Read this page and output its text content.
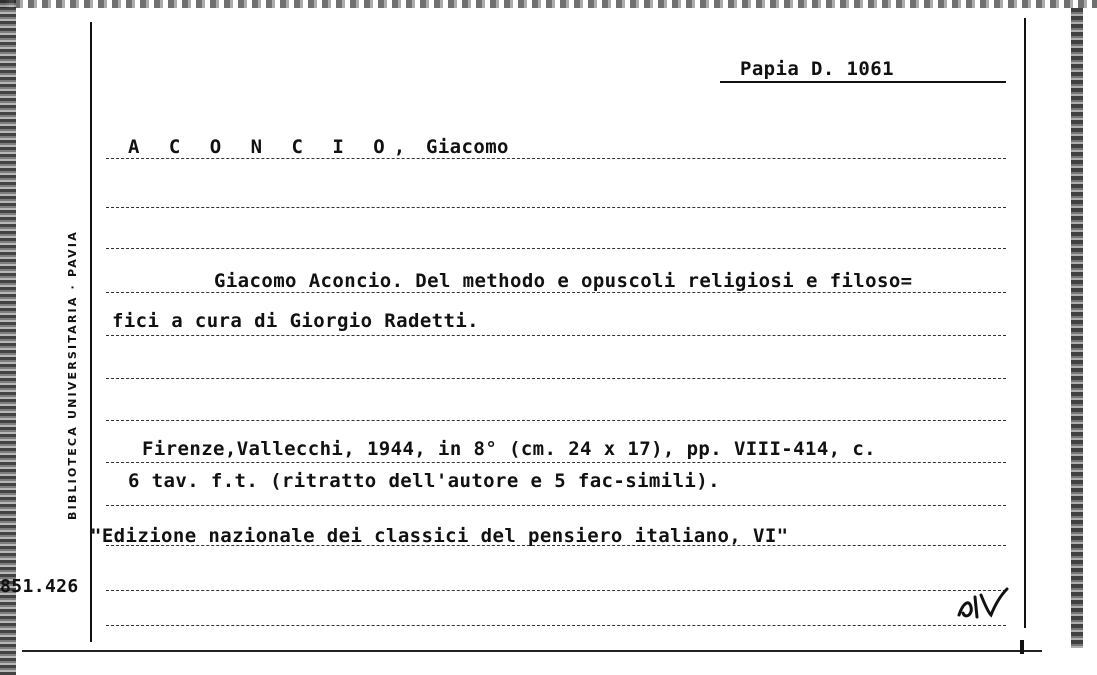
BIBLIOTECA UNIVERSITARIA · PAVIA
Papia D. 1061
A C O N C I O, Giacomo
Giacomo Aconcio. Del methodo e opuscoli religiosi e filoso=
fici a cura di Giorgio Radetti.
Firenze,Vallecchi, 1944, in 8° (cm. 24 x 17), pp. VIII-414, c.
6 tav. f.t. (ritratto dell'autore e 5 fac-simili).
"Edizione nazionale dei classici del pensiero italiano, VI"
851.426
